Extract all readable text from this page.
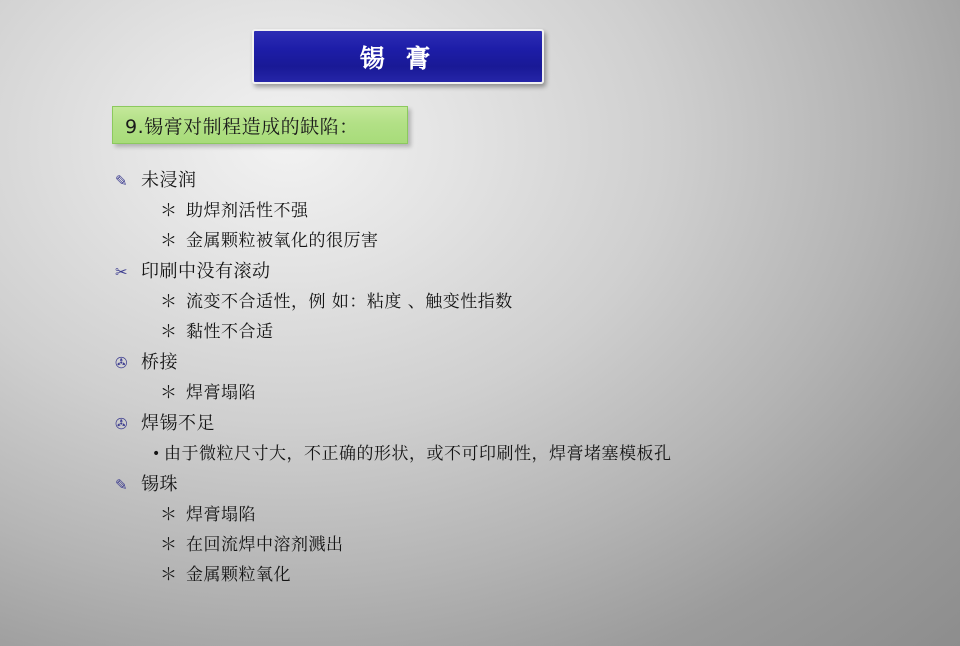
锡 膏
9.锡膏对制程造成的缺陷：
✎ 未浸润
＊ 助焊剂活性不强
＊ 金属颗粒被氧化的很厉害
✂ 印刷中没有滚动
＊ 流变不合适性，例 如：粘度 、触变性指数
＊ 黏性不合适
✇ 桥接
＊ 焊膏塌陷
✇ 焊锡不足
• 由于微粒尺寸大，不正确的形状，或不可印刷性，焊膏堵塞模板孔
✎ 锡珠
＊ 焊膏塌陷
＊ 在回流焊中溶剂溅出
＊ 金属颗粒氧化
